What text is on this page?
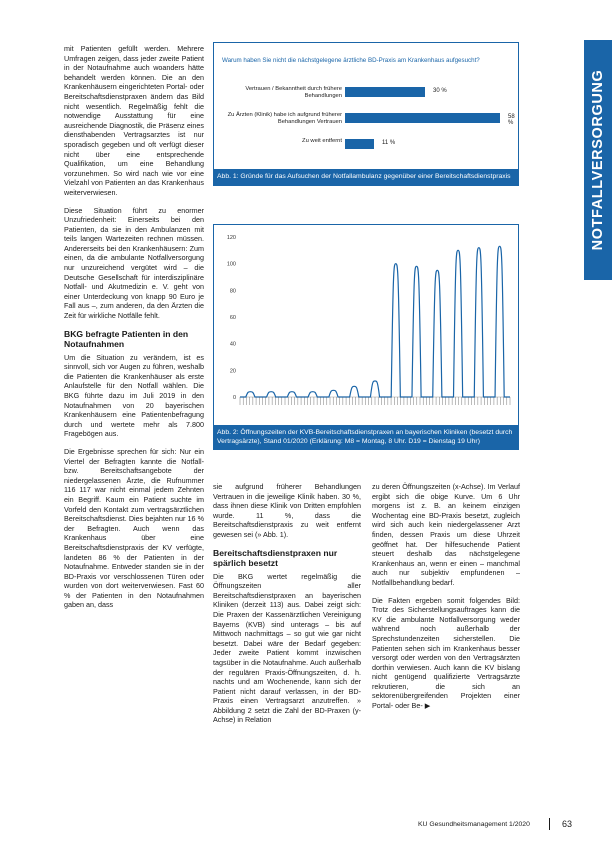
NOTFALLVERSORGUNG

mit Patienten gefüllt werden. Mehrere Umfragen zeigen, dass jeder zweite Patient in der Notaufnahme auch woanders hätte behandelt werden können. Die an den Krankenhäusern eingerichteten Portal- oder Bereitschaftsdienstpraxen ändern das Bild nicht wesentlich. Regelmäßig fehlt die notwendige Ausstattung für eine ausreichende Diagnostik, die Präsenz eines diensthabenden Vertragsarztes ist nur sporadisch gegeben und oft verfügt dieser nicht über eine entsprechende Qualifikation, um eine Behandlung vorzunehmen. So wird nach wie vor eine Vielzahl von Patienten an das Krankenhaus weiterverwiesen.

Diese Situation führt zu enormer Unzufriedenheit: Einerseits bei den Patienten, da sie in den Ambulanzen mit teils langen Wartezeiten rechnen müssen. Andererseits bei den Krankenhäusern: Zum einen, da die ambulante Notfallversorgung nur unzureichend vergütet wird – die Deutsche Gesellschaft für interdisziplinäre Notfall- und Akutmedizin e. V. geht von einer Unterdeckung von knapp 90 Euro je Fall aus –, zum anderen, da den Ärzten die Zeit für wirkliche Notfälle fehlt.

BKG befragte Patienten in den Notaufnahmen

Um die Situation zu verändern, ist es sinnvoll, sich vor Augen zu führen, weshalb die Patienten die Krankenhäuser als erste Anlaufstelle für den Notfall wählen. Die BKG führte dazu im Juli 2019 in den Notaufnahmen von 20 bayerischen Krankenhäusern eine Patientenbefragung durch und wertete mehr als 7.800 Fragebögen aus.

Die Ergebnisse sprechen für sich: Nur ein Viertel der Befragten kannte die Notfall- bzw. Bereitschaftsangebote der niedergelassenen Ärzte, die Rufnummer 116 117 war nicht einmal jedem Zehnten ein Begriff. Kaum ein Patient suchte im Vorfeld den Kontakt zum vertragsärztlichen Bereitschaftsdienst. Dies bejahten nur 16 % der Befragten. Auch wenn das Krankenhaus über eine Bereitschaftsdienstpraxis der KV verfügte, landeten 86 % der Patienten in der Notaufnahme. Entweder standen sie in der BD-Praxis vor verschlossenen Türen oder wurden von dort weiterverwiesen. Fast 60 % der Patienten in den Notaufnahmen gaben an, dass

Warum haben Sie nicht die nächstgelegene ärztliche BD-Praxis am Krankenhaus aufgesucht?
Vertrauen / Bekanntheit durch frühere Behandlungen
30 %
Zu Ärzten (Klinik) habe ich aufgrund früherer Behandlungen Vertrauen
58 %
Zu weit entfernt	11 %
Abb. 1: Gründe für das Aufsuchen der Notfallambulanz gegenüber einer Bereitschaftsdienstpraxis
0
20
40
60
80
100
120
Abb. 2: Öffnungszeiten der KVB-Bereitschaftsdienstpraxen an bayerischen Kliniken (besetzt durch Vertragsärzte), Stand 01/2020 (Erklärung: M8 = Montag, 8 Uhr. D19 = Dienstag 19 Uhr)

sie aufgrund früherer Behandlungen Vertrauen in die jeweilige Klinik haben. 30 %, dass ihnen diese Klinik von Dritten empfohlen wurde. 11 %, dass die Bereitschaftsdienstpraxis zu weit entfernt gewesen sei (» Abb. 1).

Bereitschaftsdienstpraxen nur spärlich besetzt

Die BKG wertet regelmäßig die Öffnungszeiten aller Bereitschaftsdienstpraxen an bayerischen Kliniken (derzeit 113) aus. Dabei zeigt sich: Die Praxen der Kassenärztlichen Vereinigung Bayerns (KVB) sind unterags – bis auf Mittwoch nachmittags – so gut wie gar nicht besetzt. Dabei wäre der Bedarf gegeben: Jeder zweite Patient kommt inzwischen tagsüber in die Notaufnahme. Auch außerhalb der regulären Praxis-Öffnungszeiten, d. h. nachts und am Wochenende, kann sich der Patient nicht darauf verlassen, in der BD-Praxis einen Vertragsarzt anzutreffen. » Abbildung 2 setzt die Zahl der BD-Praxen (y-Achse) in Relation

zu deren Öffnungszeiten (x-Achse). Im Verlauf ergibt sich die obige Kurve. Um 6 Uhr morgens ist z. B. an keinem einzigen Wochentag eine BD-Praxis besetzt, zugleich wird sich auch kein niedergelassener Arzt finden, dessen Praxis um diese Uhrzeit geöffnet hat. Der hilfesuchende Patient steuert deshalb das nächstgelegene Krankenhaus an, wenn er einen – manchmal auch nur subjektiv empfundenen – Notfallbehandlung bedarf.

Die Fakten ergeben somit folgendes Bild: Trotz des Sicherstellungsauftrages kann die KV die ambulante Notfallversorgung weder während noch außerhalb der Sprechstundenzeiten sicherstellen. Die Patienten sehen sich im Krankenhaus besser versorgt oder werden von den Vertragsärzten dorthin verwiesen. Auch kann die KV bislang nicht genügend qualifizierte Vertragsärzte rekrutieren, die sich an sektorenübergreifenden Projekten einer Portal- oder Be- ▶

KU Gesundheitsmanagement 1/2020	63
